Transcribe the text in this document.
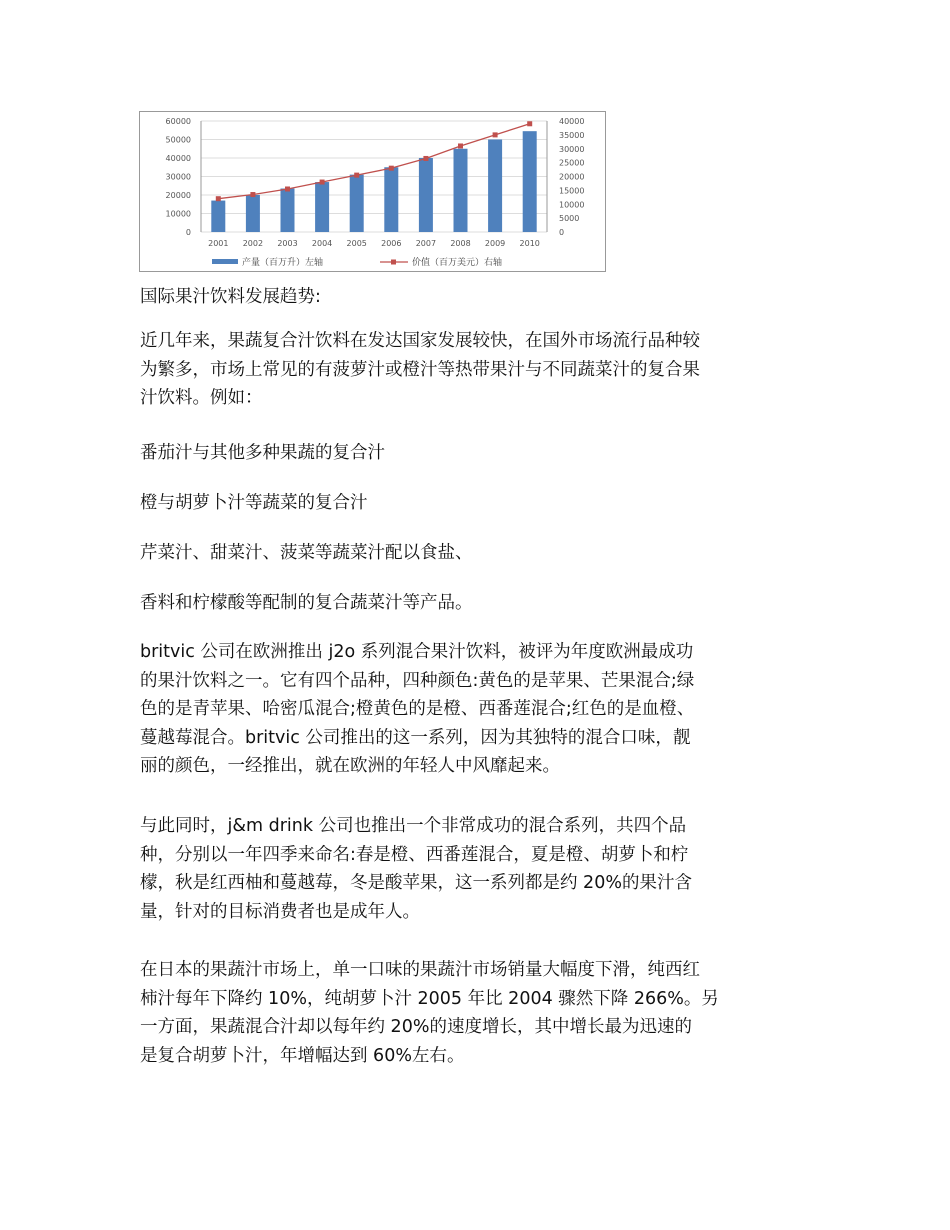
0
10000
20000
30000
40000
50000
60000
0
5000
10000
15000
20000
25000
30000
35000
40000
2001 2002 2003 2004 2005 2006 2007 2008 2009 2010
产量（百万升）左轴	价值（百万美元）右轴
国际果汁饮料发展趋势:
近几年来，果蔬复合汁饮料在发达国家发展较快，在国外市场流行品种较
为繁多，市场上常见的有菠萝汁或橙汁等热带果汁与不同蔬菜汁的复合果
汁饮料。例如：
番茄汁与其他多种果蔬的复合汁
橙与胡萝卜汁等蔬菜的复合汁
芹菜汁、甜菜汁、菠菜等蔬菜汁配以食盐、
香料和柠檬酸等配制的复合蔬菜汁等产品。
britvic 公司在欧洲推出 j2o 系列混合果汁饮料，被评为年度欧洲最成功
的果汁饮料之一。它有四个品种，四种颜色:黄色的是苹果、芒果混合;绿
色的是青苹果、哈密瓜混合;橙黄色的是橙、西番莲混合;红色的是血橙、
蔓越莓混合。britvic 公司推出的这一系列，因为其独特的混合口味，靓
丽的颜色，一经推出，就在欧洲的年轻人中风靡起来。
与此同时，j&m drink 公司也推出一个非常成功的混合系列，共四个品
种，分别以一年四季来命名:春是橙、西番莲混合，夏是橙、胡萝卜和柠
檬，秋是红西柚和蔓越莓，冬是酸苹果，这一系列都是约 20%的果汁含
量，针对的目标消费者也是成年人。
在日本的果蔬汁市场上，单一口味的果蔬汁市场销量大幅度下滑，纯西红
柿汁每年下降约 10%，纯胡萝卜汁 2005 年比 2004 骤然下降 266%。另
一方面，果蔬混合汁却以每年约 20%的速度增长，其中增长最为迅速的
是复合胡萝卜汁，年增幅达到 60%左右。
